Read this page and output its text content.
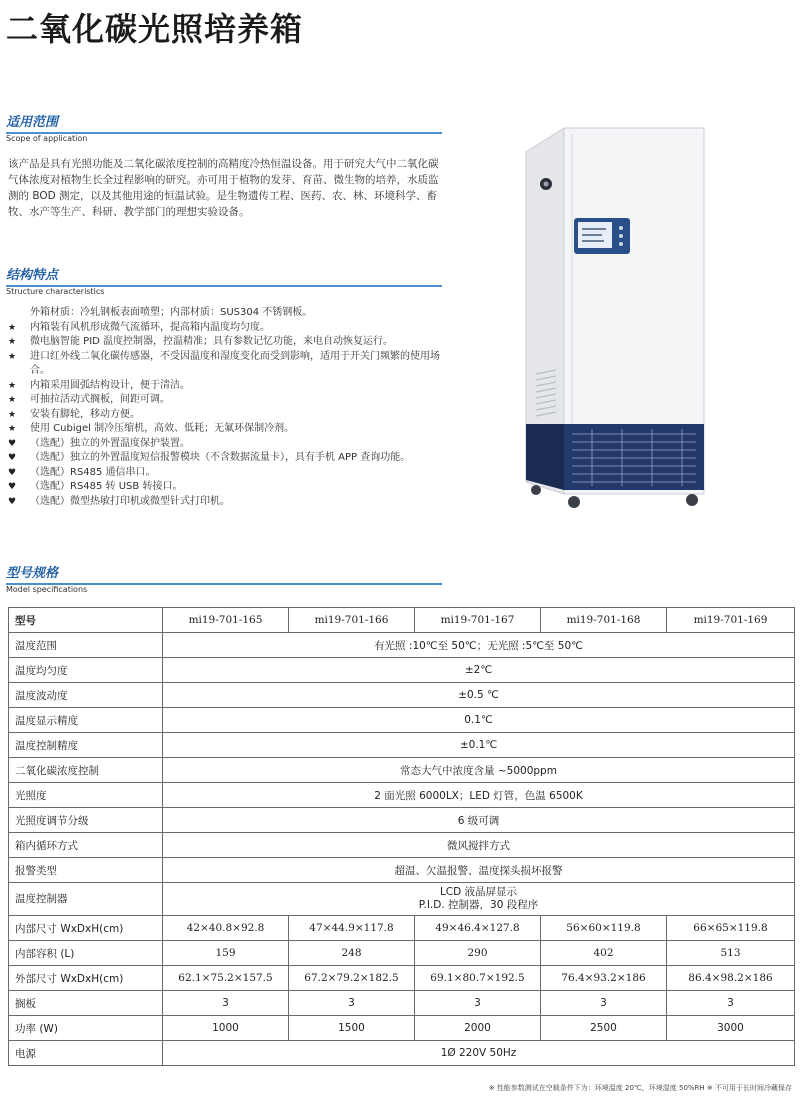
二氧化碳光照培养箱
适用范围
Scope of application

该产品是具有光照功能及二氧化碳浓度控制的高精度冷热恒温设备。用于研究大气中二氧化碳气体浓度对植物生长全过程影响的研究。亦可用于植物的发芽、育苗、微生物的培养，水质监测的 BOD 测定，以及其他用途的恒温试验。是生物遗传工程、医药、农、林、环境科学、畜牧、水产等生产、科研、教学部门的理想实验设备。

结构特点
Structure characteristics
外箱材质：冷轧钢板表面喷塑；内部材质：SUS304 不锈钢板。
★	内箱装有风机形成微气流循环，提高箱内温度均匀度。
★	微电脑智能 PID 温度控制器，控温精准；具有参数记忆功能，来电自动恢复运行。
★	进口红外线二氧化碳传感器，不受因温度和湿度变化而受到影响，适用于开关门频繁的使用场合。
★	内箱采用圆弧结构设计，便于清洁。
★	可抽拉活动式搁板，间距可调。
★	安装有脚轮，移动方便。
★	使用 Cubigel 制冷压缩机，高效、低耗；无氟环保制冷剂。
♥	（选配）独立的外置温度保护装置。
♥	（选配）独立的外置温度短信报警模块（不含数据流量卡），具有手机 APP 查询功能。
♥	（选配）RS485 通信串口。
♥	（选配）RS485 转 USB 转接口。
♥	（选配）微型热敏打印机或微型针式打印机。
型号规格
Model specifications
型号	mi19-701-165	mi19-701-166	mi19-701-167	mi19-701-168	mi19-701-169
温度范围	有光照 :10℃至 50℃；无光照 :5℃至 50℃				
温度均匀度	±2℃				
温度波动度	±0.5 ℃				
温度显示精度	0.1℃				
温度控制精度	±0.1℃				
二氧化碳浓度控制	常态大气中浓度含量 ~5000ppm				
光照度	2 面光照 6000LX；LED 灯管，色温 6500K				
光照度调节分级	6 级可调				
箱内循环方式	微风搅拌方式				
报警类型	超温、欠温报警、温度探头损坏报警				
温度控制器	LCD 液晶屏显示
P.I.D. 控制器，30 段程序				

内部尺寸 WxDxH(cm)	42×40.8×92.8	47×44.9×117.8	49×46.4×127.8	56×60×119.8	66×65×119.8
内部容积 (L)	159	248	290	402	513
外部尺寸 WxDxH(cm)	62.1×75.2×157.5	67.2×79.2×182.5	69.1×80.7×192.5	76.4×93.2×186	86.4×98.2×186
搁板	3	3	3	3	3
功率 (W)	1000	1500	2000	2500	3000
电源	1Ø 220V 50Hz				
※ 性能参数测试在空载条件下为：环境温度 20℃，环境湿度 50%RH ※ 不可用于长时间冷藏保存
